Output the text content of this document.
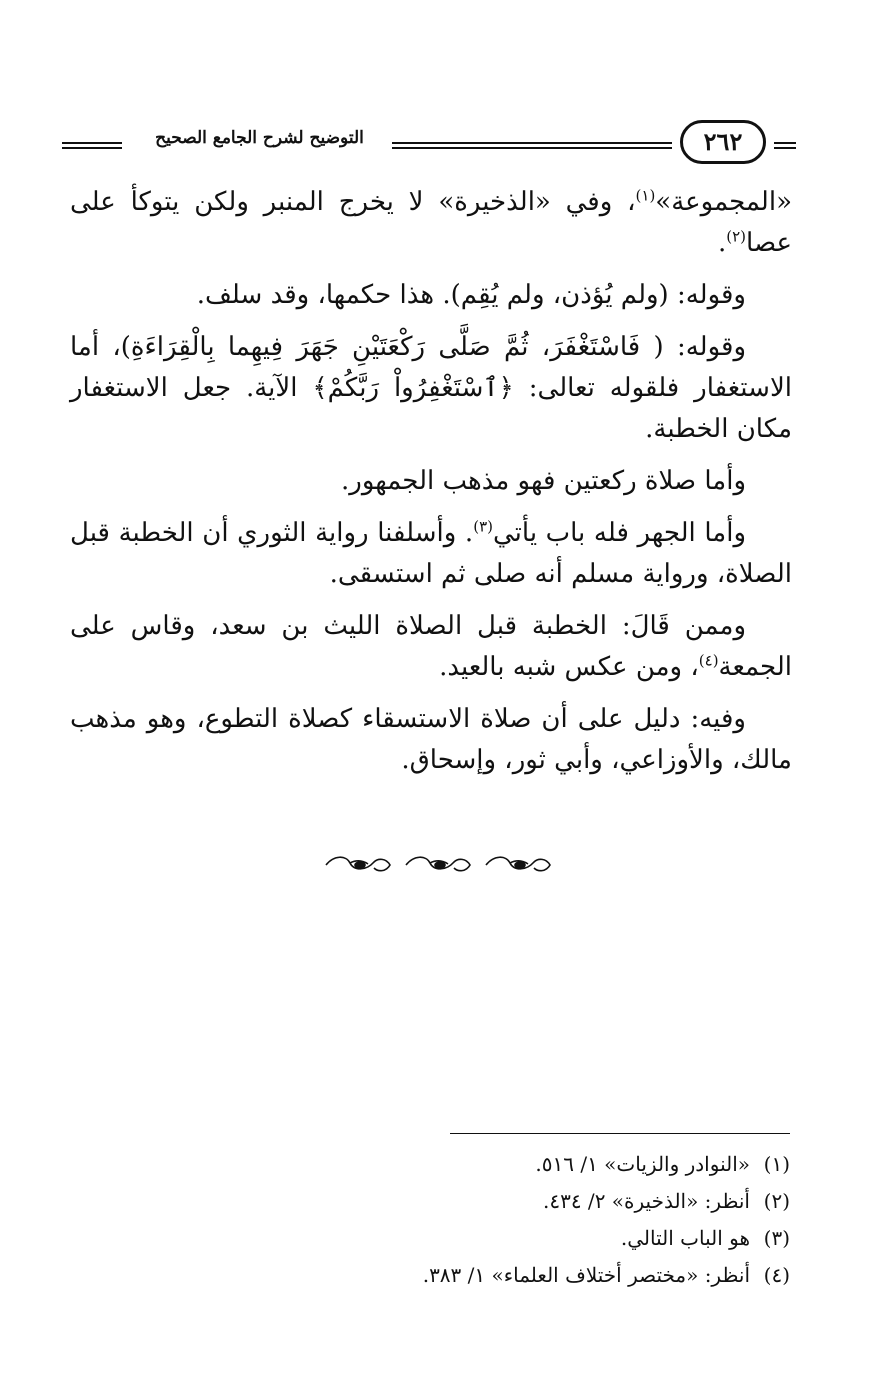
التوضيح لشرح الجامع الصحيح	٢٦٢

«المجموعة»$^{(١)}$، وفي «الذخيرة» لا يخرج المنبر ولكن يتوكأ على عصا$^{(٢)}$.

وقوله: (ولم يُؤذن، ولم يُقِم). هذا حكمها، وقد سلف.

وقوله: ( فَاسْتَغْفَرَ، ثُمَّ صَلَّى رَكْعَتَيْنِ جَهَرَ فِيهِما بِالْقِرَاءَةِ)، أما الاستغفار فلقوله تعالى: ﴿ٱسْتَغْفِرُواْ رَبَّكُمْ﴾ الآية. جعل الاستغفار مكان الخطبة.

وأما صلاة ركعتين فهو مذهب الجمهور.

وأما الجهر فله باب يأتي$^{(٣)}$. وأسلفنا رواية الثوري أن الخطبة قبل الصلاة، ورواية مسلم أنه صلى ثم استسقى.

وممن قَالَ: الخطبة قبل الصلاة الليث بن سعد، وقاس على الجمعة$^{(٤)}$، ومن عكس شبه بالعيد.

وفيه: دليل على أن صلاة الاستسقاء كصلاة التطوع، وهو مذهب مالك، والأوزاعي، وأبي ثور، وإسحاق.

(١)«النوادر والزيات» ١/ ٥١٦.
(٢)أنظر: «الذخيرة» ٢/ ٤٣٤.
(٣)هو الباب التالي.
(٤)أنظر: «مختصر أختلاف العلماء» ١/ ٣٨٣.
